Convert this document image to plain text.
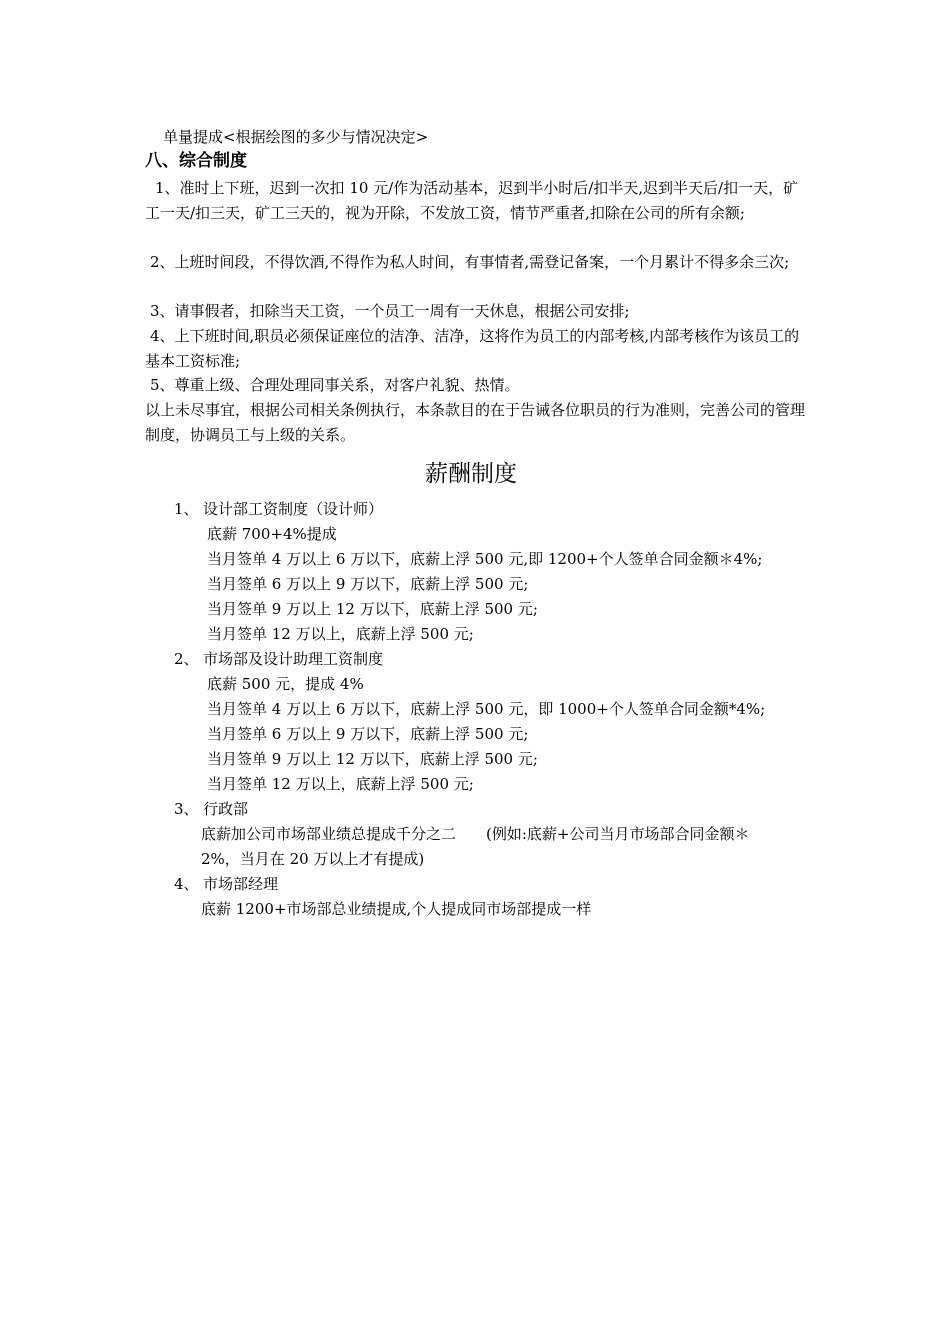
单量提成<根据绘图的多少与情况决定>
八、综合制度
1、准时上下班，迟到一次扣 10 元/作为活动基本，迟到半小时后/扣半天,迟到半天后/扣一天，矿工一天/扣三天，矿工三天的，视为开除，不发放工资，情节严重者,扣除在公司的所有余额;
2、上班时间段，不得饮酒,不得作为私人时间，有事情者,需登记备案，一个月累计不得多余三次;
3、请事假者，扣除当天工资，一个员工一周有一天休息，根据公司安排;
4、上下班时间,职员必须保证座位的洁净、洁净，这将作为员工的内部考核,内部考核作为该员工的基本工资标准;
5、尊重上级、合理处理同事关系，对客户礼貌、热情。
以上未尽事宜，根据公司相关条例执行，本条款目的在于告诫各位职员的行为准则，完善公司的管理制度，协调员工与上级的关系。
薪酬制度
1、 设计部工资制度（设计师）
底薪 700+4%提成
当月签单 4 万以上 6 万以下，底薪上浮 500 元,即 1200+个人签单合同金额＊4%;
当月签单 6 万以上 9 万以下，底薪上浮 500 元;
当月签单 9 万以上 12 万以下，底薪上浮 500 元;
当月签单 12 万以上，底薪上浮 500 元;
2、 市场部及设计助理工资制度
底薪 500 元，提成 4%
当月签单 4 万以上 6 万以下，底薪上浮 500 元，即 1000+个人签单合同金额*4%;
当月签单 6 万以上 9 万以下，底薪上浮 500 元;
当月签单 9 万以上 12 万以下，底薪上浮 500 元;
当月签单 12 万以上，底薪上浮 500 元;
3、 行政部
底薪加公司市场部业绩总提成千分之二　　(例如:底薪+公司当月市场部合同金额＊
2%，当月在 20 万以上才有提成)
4、 市场部经理
底薪 1200+市场部总业绩提成,个人提成同市场部提成一样
